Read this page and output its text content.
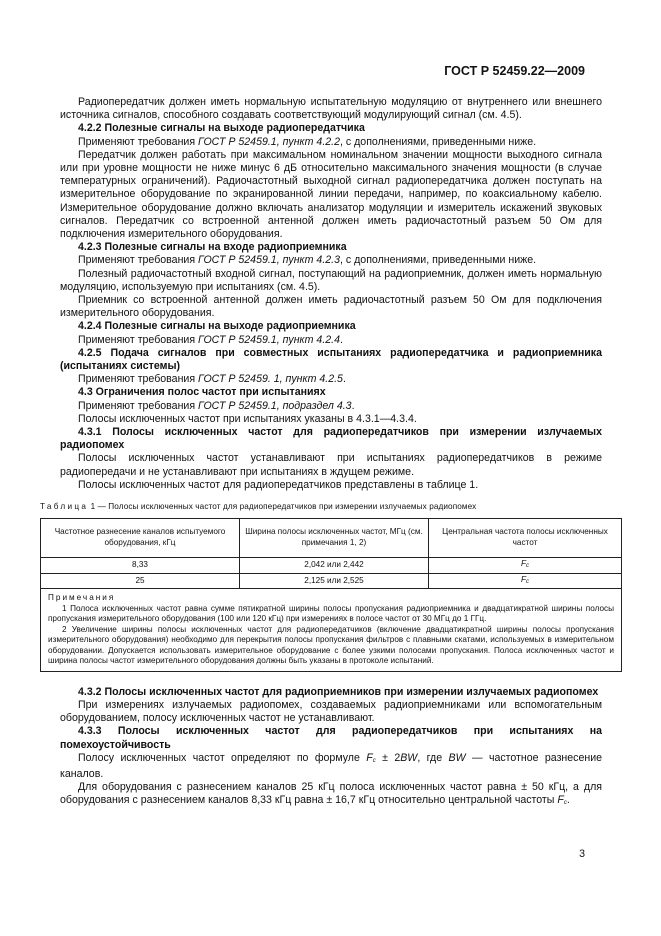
ГОСТ Р 52459.22—2009
Радиопередатчик должен иметь нормальную испытательную модуляцию от внутреннего или внешнего источника сигналов, способного создавать соответствующий модулирующий сигнал (см. 4.5).
4.2.2 Полезные сигналы на выходе радиопередатчика
Применяют требования ГОСТ Р 52459.1, пункт 4.2.2, с дополнениями, приведенными ниже.
Передатчик должен работать при максимальном номинальном значении мощности выходного сигнала или при уровне мощности не ниже минус 6 дБ относительно максимального значения мощности (в случае температурных ограничений). Радиочастотный выходной сигнал радиопередатчика должен поступать на измерительное оборудование по экранированной линии передачи, например, по коаксиальному кабелю. Измерительное оборудование должно включать анализатор модуляции и измеритель искажений звуковых сигналов. Передатчик со встроенной антенной должен иметь радиочастотный разъем 50 Ом для подключения измерительного оборудования.
4.2.3 Полезные сигналы на входе радиоприемника
Применяют требования ГОСТ Р 52459.1, пункт 4.2.3, с дополнениями, приведенными ниже.
Полезный радиочастотный входной сигнал, поступающий на радиоприемник, должен иметь нормальную модуляцию, используемую при испытаниях (см. 4.5).
Приемник со встроенной антенной должен иметь радиочастотный разъем 50 Ом для подключения измерительного оборудования.
4.2.4 Полезные сигналы на выходе радиоприемника
Применяют требования ГОСТ Р 52459.1, пункт 4.2.4.
4.2.5 Подача сигналов при совместных испытаниях радиопередатчика и радиоприемника (испытаниях системы)
Применяют требования ГОСТ Р 52459. 1, пункт 4.2.5.
4.3 Ограничения полос частот при испытаниях
Применяют требования ГОСТ Р 52459.1, подраздел 4.3.
Полосы исключенных частот при испытаниях указаны в 4.3.1—4.3.4.
4.3.1 Полосы исключенных частот для радиопередатчиков при измерении излучаемых радиопомех
Полосы исключенных частот устанавливают при испытаниях радиопередатчиков в режиме радиопередачи и не устанавливают при испытаниях в ждущем режиме.
Полосы исключенных частот для радиопередатчиков представлены в таблице 1.
Таблица 1 — Полосы исключенных частот для радиопередатчиков при измерении излучаемых радиопомех
Частотное разнесение каналов испытуемого оборудования, кГц	Ширина полосы исключенных частот, МГц (см. примечания 1, 2)	Центральная частота полосы исключенных частот
8,33	2,042 или 2,442	$F_c$
25	2,125 или 2,525	$F_c$

Примечания
1 Полоса исключенных частот равна сумме пятикратной ширины полосы пропускания радиоприемника и двадцатикратной ширины полосы пропускания измерительного оборудования (100 или 120 кГц) при измерениях в полосе частот от 30 МГц до 1 ГГц.
2 Увеличение ширины полосы исключенных частот для радиопередатчиков (включение двадцатикратной ширины полосы пропускания измерительного оборудования) необходимо для перекрытия полосы пропускания фильтров с плавными скатами, используемых в измерительном оборудовании. Допускается использовать измерительное оборудование с более узкими полосами пропускания. Полоса исключенных частот и ширина полосы частот измерительного оборудования должны быть указаны в протоколе испытаний.		
4.3.2 Полосы исключенных частот для радиоприемников при измерении излучаемых радиопомех
При измерениях излучаемых радиопомех, создаваемых радиоприемниками или вспомогательным оборудованием, полосу исключенных частот не устанавливают.
4.3.3 Полосы исключенных частот для радиопередатчиков при испытаниях на помехоустойчивость
Полосу исключенных частот определяют по формуле $F_c \pm 2BW$, где BW — частотное разнесение каналов.
Для оборудования с разнесением каналов 25 кГц полоса исключенных частот равна ± 50 кГц, а для оборудования с разнесением каналов 8,33 кГц равна ± 16,7 кГц относительно центральной частоты $F_c$.
3
